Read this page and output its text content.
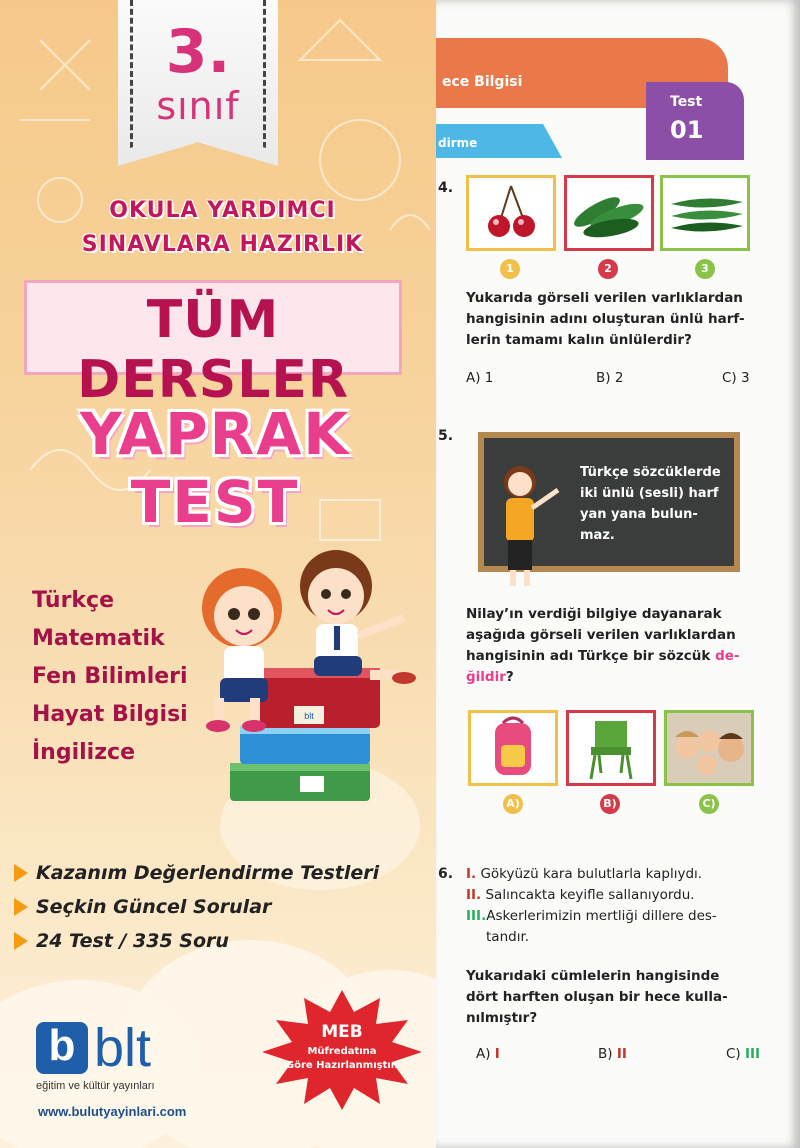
3.
sınıf
OKULA YARDIMCI
SINAVLARA HAZIRLIK
TÜM DERSLER
YAPRAK TEST
Türkçe
Matematik
Fen Bilimleri
Hayat Bilgisi
İngilizce
blt
Kazanım Değerlendirme Testleri
Seçkin Güncel Sorular
24 Test / 335 Soru
b blt
eğitim ve kültür yayınları
www.bulutyayinlari.com
MEB
Müfredatına
Göre Hazırlanmıştır.
ece Bilgisi
dirme
Test
01
4.
1	2	3
Yukarıda görseli verilen varlıklardan
hangisinin adını oluşturan ünlü harf-
lerin tamamı kalın ünlülerdir?
A) 1	B) 2	C) 3
5.
Türkçe sözcüklerde
iki ünlü (sesli) harf
yan yana bulun-
maz.
Nilay’ın verdiği bilgiye dayanarak
aşağıda görseli verilen varlıklardan
hangisinin adı Türkçe bir sözcük de-
ğildir?
A)	B)	C)
6. I. Gökyüzü kara bulutlarla kaplıydı.
II. Salıncakta keyifle sallanıyordu.
III.Askerlerimizin mertliği dillere des-
tandır.
Yukarıdaki cümlelerin hangisinde
dört harften oluşan bir hece kulla-
nılmıştır?
A) I	B) II	C) III
